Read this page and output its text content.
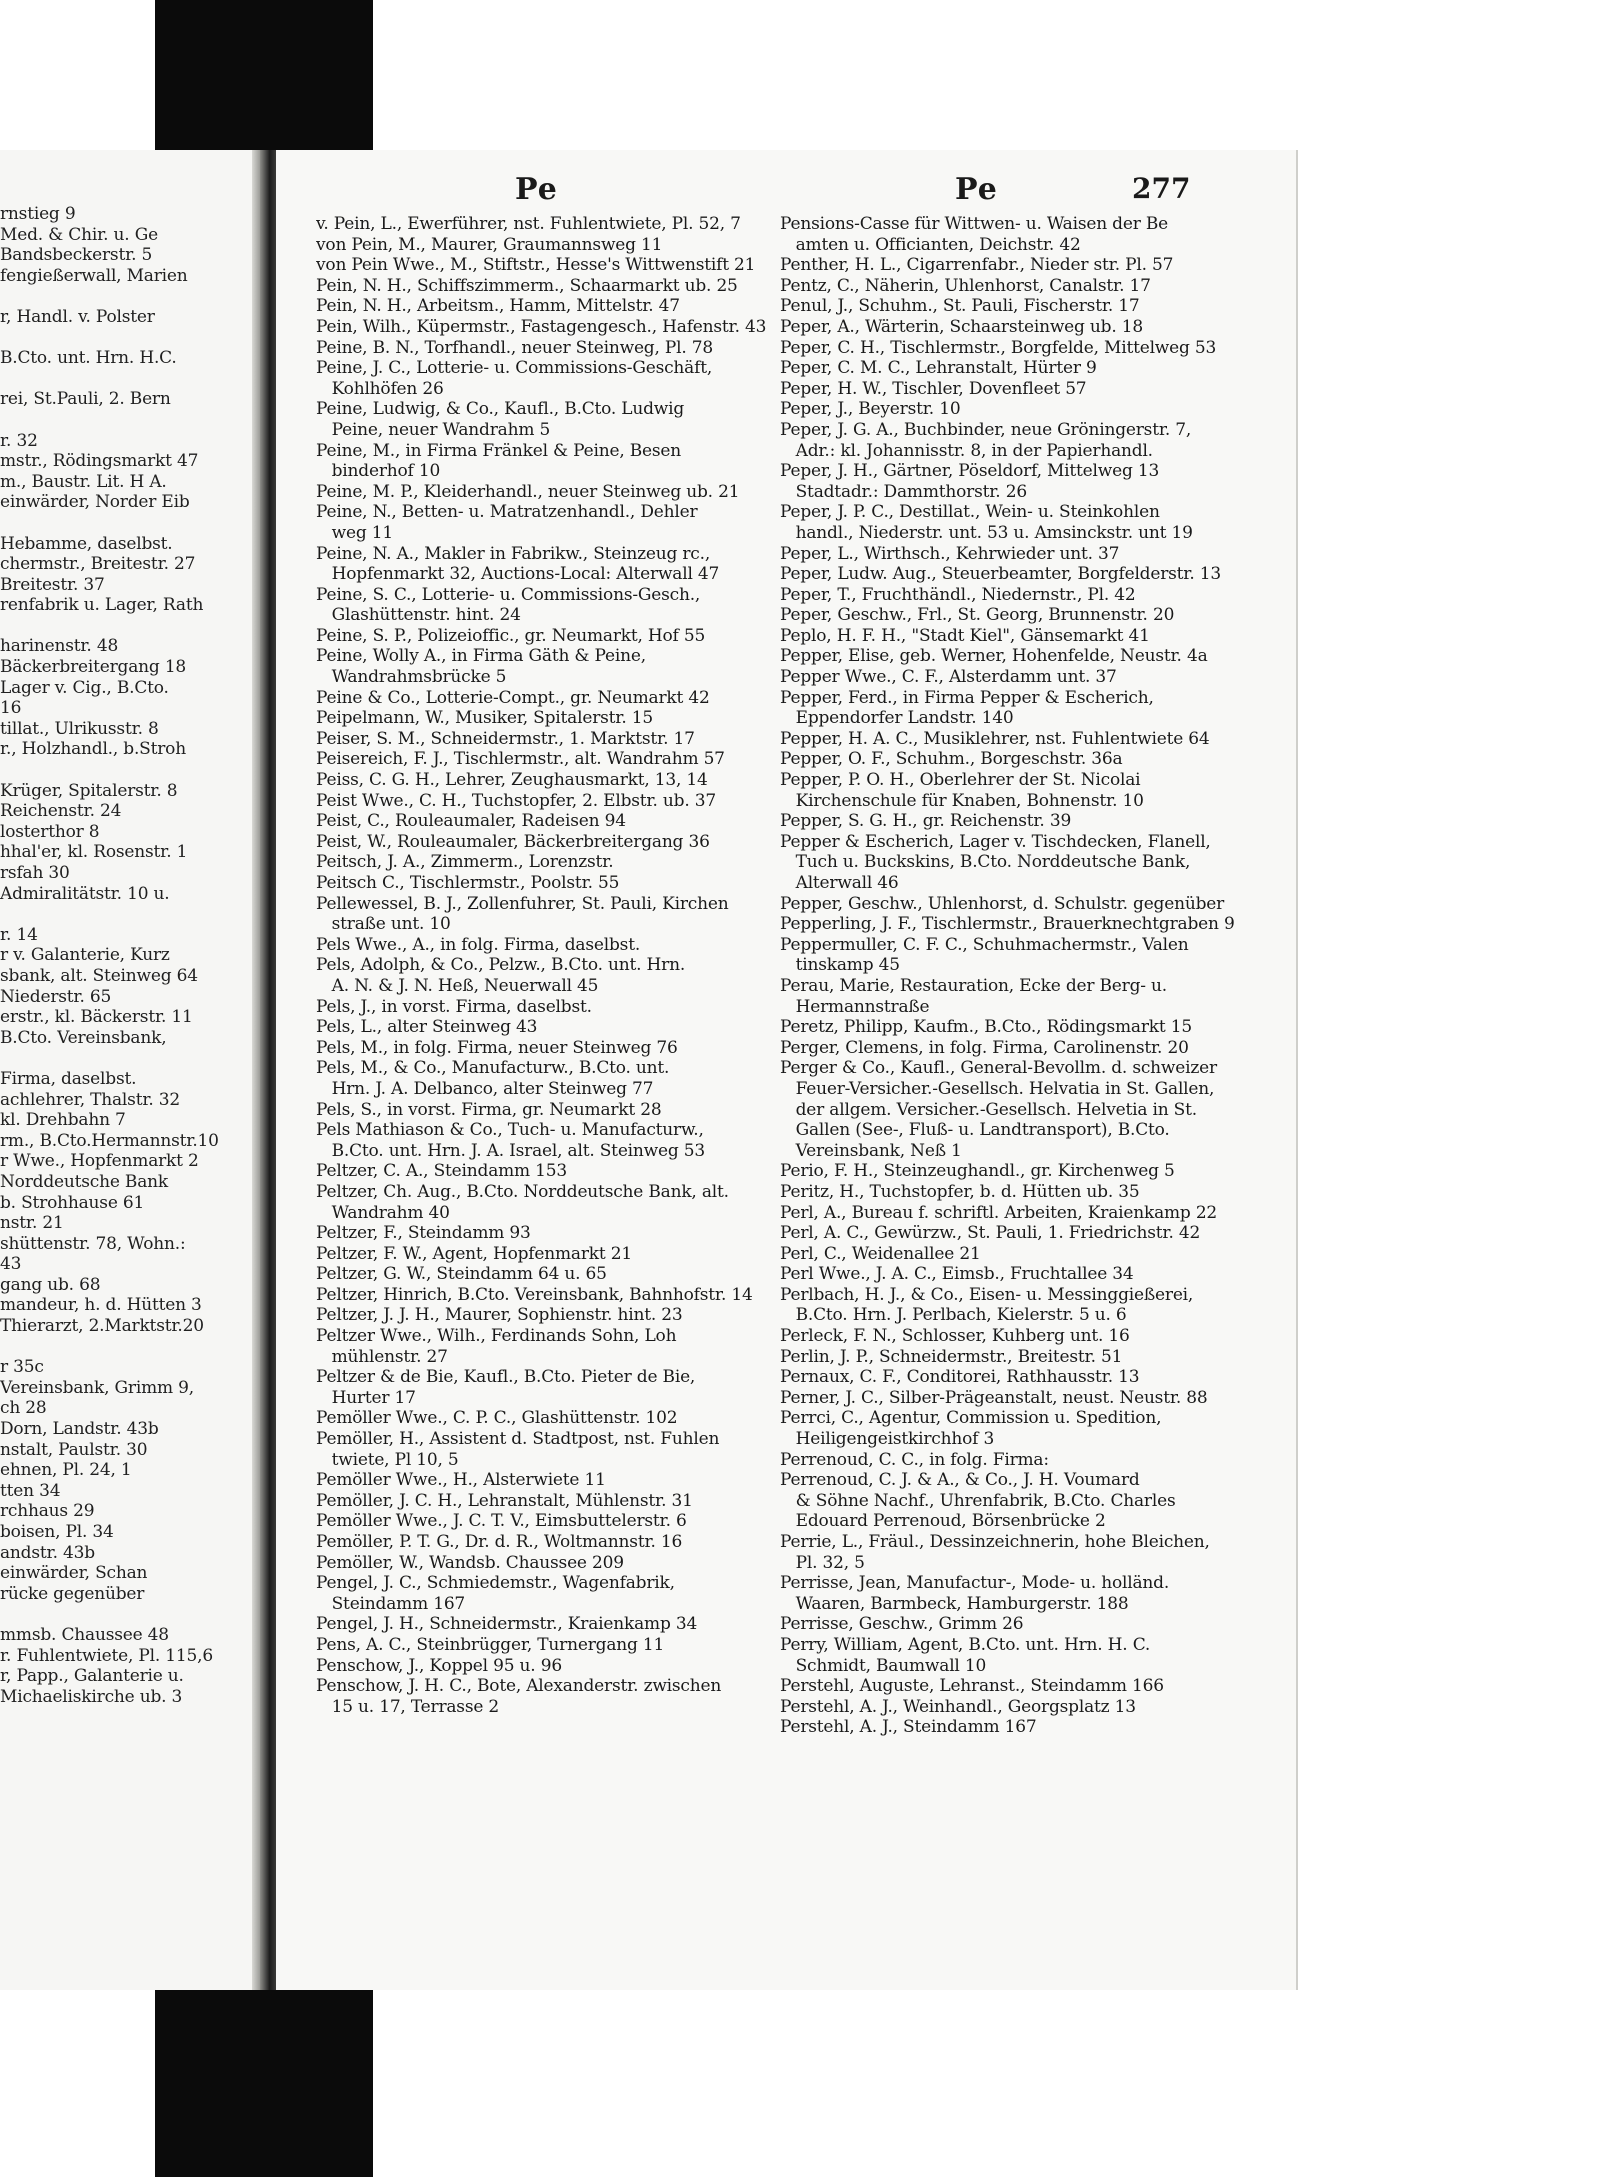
rnstieg 9
Med. & Chir. u. Ge
Bandsbeckerstr. 5
fengießerwall, Marien

r, Handl. v. Polster

B.Cto. unt. Hrn. H.C.

rei, St.Pauli, 2. Bern

r. 32
mstr., Rödingsmarkt 47
m., Baustr. Lit. H A.
einwärder, Norder Eib

Hebamme, daselbst.
chermstr., Breitestr. 27
Breitestr. 37
renfabrik u. Lager, Rath

harinenstr. 48
Bäckerbreitergang 18
Lager v. Cig., B.Cto.
16
tillat., Ulrikusstr. 8
r., Holzhandl., b.Stroh

Krüger, Spitalerstr. 8
Reichenstr. 24
losterthor 8
hhal'er, kl. Rosenstr. 1
rsfah 30
Admiralitätstr. 10 u.

r. 14
r v. Galanterie, Kurz
sbank, alt. Steinweg 64
Niederstr. 65
erstr., kl. Bäckerstr. 11
B.Cto. Vereinsbank,

Firma, daselbst.
achlehrer, Thalstr. 32
kl. Drehbahn 7
rm., B.Cto.Hermannstr.10
r Wwe., Hopfenmarkt 2
Norddeutsche Bank
b. Strohhause 61
nstr. 21
shüttenstr. 78, Wohn.:
43
gang ub. 68
mandeur, h. d. Hütten 3
Thierarzt, 2.Marktstr.20

r 35c
Vereinsbank, Grimm 9,
ch 28
Dorn, Landstr. 43b
nstalt, Paulstr. 30
ehnen, Pl. 24, 1
tten 34
rchhaus 29
boisen, Pl. 34
andstr. 43b
einwärder, Schan
rücke gegenüber

mmsb. Chaussee 48
r. Fuhlentwiete, Pl. 115,6
r, Papp., Galanterie u.
Michaeliskirche ub. 3
Pe	Pe	277
v. Pein, L., Ewerführer, nst. Fuhlentwiete, Pl. 52, 7
von Pein, M., Maurer, Graumannsweg 11
von Pein Wwe., M., Stiftstr., Hesse's Wittwenstift 21
Pein, N. H., Schiffszimmerm., Schaarmarkt ub. 25
Pein, N. H., Arbeitsm., Hamm, Mittelstr. 47
Pein, Wilh., Küpermstr., Fastagengesch., Hafenstr. 43
Peine, B. N., Torfhandl., neuer Steinweg, Pl. 78
Peine, J. C., Lotterie- u. Commissions-Geschäft,
Kohlhöfen 26
Peine, Ludwig, & Co., Kaufl., B.Cto. Ludwig
Peine, neuer Wandrahm 5
Peine, M., in Firma Fränkel & Peine, Besen
binderhof 10
Peine, M. P., Kleiderhandl., neuer Steinweg ub. 21
Peine, N., Betten- u. Matratzenhandl., Dehler
weg 11
Peine, N. A., Makler in Fabrikw., Steinzeug rc.,
Hopfenmarkt 32, Auctions-Local: Alterwall 47
Peine, S. C., Lotterie- u. Commissions-Gesch.,
Glashüttenstr. hint. 24
Peine, S. P., Polizeioffic., gr. Neumarkt, Hof 55
Peine, Wolly A., in Firma Gäth & Peine,
Wandrahmsbrücke 5
Peine & Co., Lotterie-Compt., gr. Neumarkt 42
Peipelmann, W., Musiker, Spitalerstr. 15
Peiser, S. M., Schneidermstr., 1. Marktstr. 17
Peisereich, F. J., Tischlermstr., alt. Wandrahm 57
Peiss, C. G. H., Lehrer, Zeughausmarkt, 13, 14
Peist Wwe., C. H., Tuchstopfer, 2. Elbstr. ub. 37
Peist, C., Rouleaumaler, Radeisen 94
Peist, W., Rouleaumaler, Bäckerbreitergang 36
Peitsch, J. A., Zimmerm., Lorenzstr.
Peitsch C., Tischlermstr., Poolstr. 55
Pellewessel, B. J., Zollenfuhrer, St. Pauli, Kirchen
straße unt. 10
Pels Wwe., A., in folg. Firma, daselbst.
Pels, Adolph, & Co., Pelzw., B.Cto. unt. Hrn.
A. N. & J. N. Heß, Neuerwall 45
Pels, J., in vorst. Firma, daselbst.
Pels, L., alter Steinweg 43
Pels, M., in folg. Firma, neuer Steinweg 76
Pels, M., & Co., Manufacturw., B.Cto. unt.
Hrn. J. A. Delbanco, alter Steinweg 77
Pels, S., in vorst. Firma, gr. Neumarkt 28
Pels Mathiason & Co., Tuch- u. Manufacturw.,
B.Cto. unt. Hrn. J. A. Israel, alt. Steinweg 53
Peltzer, C. A., Steindamm 153
Peltzer, Ch. Aug., B.Cto. Norddeutsche Bank, alt.
Wandrahm 40
Peltzer, F., Steindamm 93
Peltzer, F. W., Agent, Hopfenmarkt 21
Peltzer, G. W., Steindamm 64 u. 65
Peltzer, Hinrich, B.Cto. Vereinsbank, Bahnhofstr. 14
Peltzer, J. J. H., Maurer, Sophienstr. hint. 23
Peltzer Wwe., Wilh., Ferdinands Sohn, Loh
mühlenstr. 27
Peltzer & de Bie, Kaufl., B.Cto. Pieter de Bie,
Hurter 17
Pemöller Wwe., C. P. C., Glashüttenstr. 102
Pemöller, H., Assistent d. Stadtpost, nst. Fuhlen
twiete, Pl 10, 5
Pemöller Wwe., H., Alsterwiete 11
Pemöller, J. C. H., Lehranstalt, Mühlenstr. 31
Pemöller Wwe., J. C. T. V., Eimsbuttelerstr. 6
Pemöller, P. T. G., Dr. d. R., Woltmannstr. 16
Pemöller, W., Wandsb. Chaussee 209
Pengel, J. C., Schmiedemstr., Wagenfabrik,
Steindamm 167
Pengel, J. H., Schneidermstr., Kraienkamp 34
Pens, A. C., Steinbrügger, Turnergang 11
Penschow, J., Koppel 95 u. 96
Penschow, J. H. C., Bote, Alexanderstr. zwischen
15 u. 17, Terrasse 2
Pensions-Casse für Wittwen- u. Waisen der Be
amten u. Officianten, Deichstr. 42
Penther, H. L., Cigarrenfabr., Nieder str. Pl. 57
Pentz, C., Näherin, Uhlenhorst, Canalstr. 17
Penul, J., Schuhm., St. Pauli, Fischerstr. 17
Peper, A., Wärterin, Schaarsteinweg ub. 18
Peper, C. H., Tischlermstr., Borgfelde, Mittelweg 53
Peper, C. M. C., Lehranstalt, Hürter 9
Peper, H. W., Tischler, Dovenfleet 57
Peper, J., Beyerstr. 10
Peper, J. G. A., Buchbinder, neue Gröningerstr. 7,
Adr.: kl. Johannisstr. 8, in der Papierhandl.
Peper, J. H., Gärtner, Pöseldorf, Mittelweg 13
Stadtadr.: Dammthorstr. 26
Peper, J. P. C., Destillat., Wein- u. Steinkohlen
handl., Niederstr. unt. 53 u. Amsinckstr. unt 19
Peper, L., Wirthsch., Kehrwieder unt. 37
Peper, Ludw. Aug., Steuerbeamter, Borgfelderstr. 13
Peper, T., Fruchthändl., Niedernstr., Pl. 42
Peper, Geschw., Frl., St. Georg, Brunnenstr. 20
Peplo, H. F. H., "Stadt Kiel", Gänsemarkt 41
Pepper, Elise, geb. Werner, Hohenfelde, Neustr. 4a
Pepper Wwe., C. F., Alsterdamm unt. 37
Pepper, Ferd., in Firma Pepper & Escherich,
Eppendorfer Landstr. 140
Pepper, H. A. C., Musiklehrer, nst. Fuhlentwiete 64
Pepper, O. F., Schuhm., Borgeschstr. 36a
Pepper, P. O. H., Oberlehrer der St. Nicolai
Kirchenschule für Knaben, Bohnenstr. 10
Pepper, S. G. H., gr. Reichenstr. 39
Pepper & Escherich, Lager v. Tischdecken, Flanell,
Tuch u. Buckskins, B.Cto. Norddeutsche Bank,
Alterwall 46
Pepper, Geschw., Uhlenhorst, d. Schulstr. gegenüber
Pepperling, J. F., Tischlermstr., Brauerknechtgraben 9
Peppermuller, C. F. C., Schuhmachermstr., Valen
tinskamp 45
Perau, Marie, Restauration, Ecke der Berg- u.
Hermannstraße
Peretz, Philipp, Kaufm., B.Cto., Rödingsmarkt 15
Perger, Clemens, in folg. Firma, Carolinenstr. 20
Perger & Co., Kaufl., General-Bevollm. d. schweizer
Feuer-Versicher.-Gesellsch. Helvatia in St. Gallen,
der allgem. Versicher.-Gesellsch. Helvetia in St.
Gallen (See-, Fluß- u. Landtransport), B.Cto.
Vereinsbank, Neß 1
Perio, F. H., Steinzeughandl., gr. Kirchenweg 5
Peritz, H., Tuchstopfer, b. d. Hütten ub. 35
Perl, A., Bureau f. schriftl. Arbeiten, Kraienkamp 22
Perl, A. C., Gewürzw., St. Pauli, 1. Friedrichstr. 42
Perl, C., Weidenallee 21
Perl Wwe., J. A. C., Eimsb., Fruchtallee 34
Perlbach, H. J., & Co., Eisen- u. Messinggießerei,
B.Cto. Hrn. J. Perlbach, Kielerstr. 5 u. 6
Perleck, F. N., Schlosser, Kuhberg unt. 16
Perlin, J. P., Schneidermstr., Breitestr. 51
Pernaux, C. F., Conditorei, Rathhausstr. 13
Perner, J. C., Silber-Prägeanstalt, neust. Neustr. 88
Perrci, C., Agentur, Commission u. Spedition,
Heiligengeistkirchhof 3
Perrenoud, C. C., in folg. Firma:
Perrenoud, C. J. & A., & Co., J. H. Voumard
& Söhne Nachf., Uhrenfabrik, B.Cto. Charles
Edouard Perrenoud, Börsenbrücke 2
Perrie, L., Fräul., Dessinzeichnerin, hohe Bleichen,
Pl. 32, 5
Perrisse, Jean, Manufactur-, Mode- u. holländ.
Waaren, Barmbeck, Hamburgerstr. 188
Perrisse, Geschw., Grimm 26
Perry, William, Agent, B.Cto. unt. Hrn. H. C.
Schmidt, Baumwall 10
Perstehl, Auguste, Lehranst., Steindamm 166
Perstehl, A. J., Weinhandl., Georgsplatz 13
Perstehl, A. J., Steindamm 167
